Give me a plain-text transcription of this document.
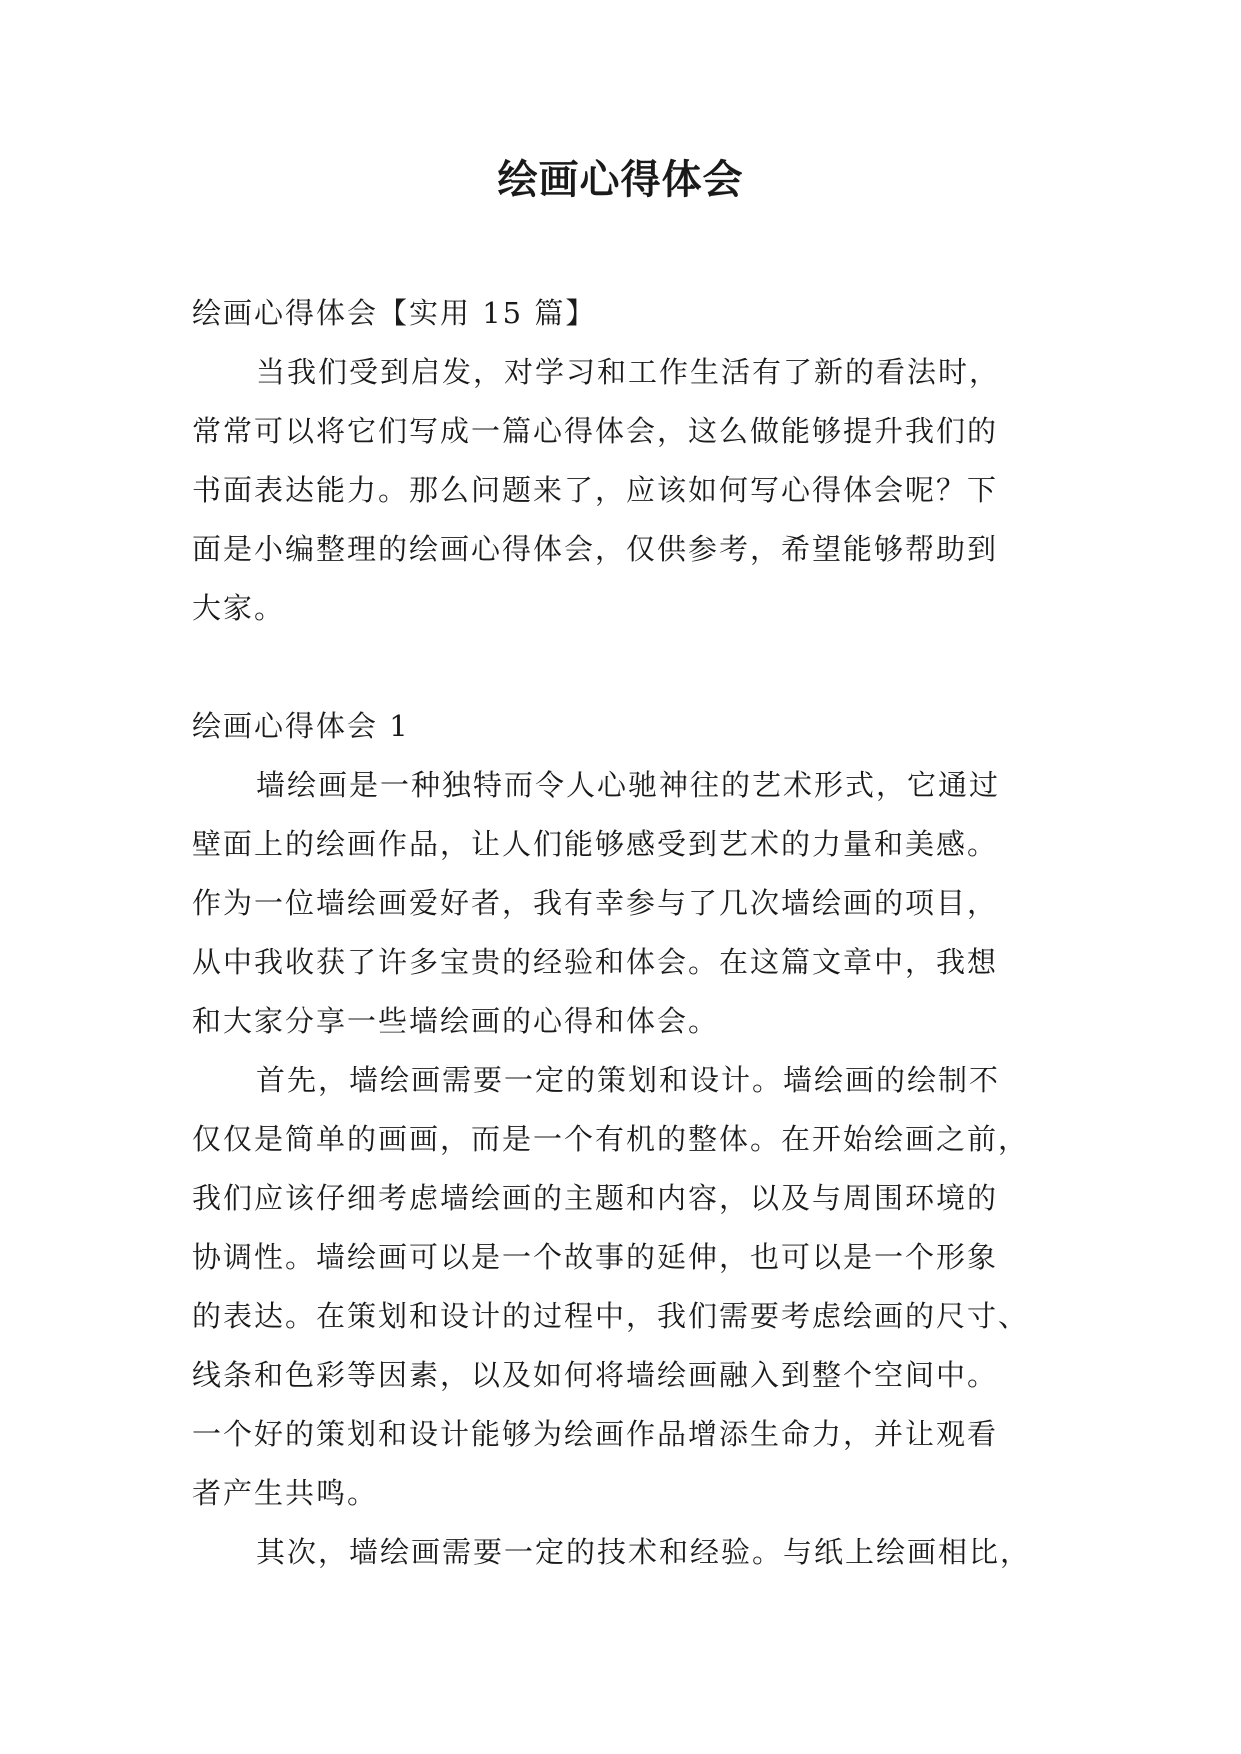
绘画心得体会

绘画心得体会【实用 15 篇】

当我们受到启发，对学习和工作生活有了新的看法时，

常常可以将它们写成一篇心得体会，这么做能够提升我们的

书面表达能力。那么问题来了，应该如何写心得体会呢？下

面是小编整理的绘画心得体会，仅供参考，希望能够帮助到

大家。

绘画心得体会 1

墙绘画是一种独特而令人心驰神往的艺术形式，它通过

壁面上的绘画作品，让人们能够感受到艺术的力量和美感。

作为一位墙绘画爱好者，我有幸参与了几次墙绘画的项目，

从中我收获了许多宝贵的经验和体会。在这篇文章中，我想

和大家分享一些墙绘画的心得和体会。

首先，墙绘画需要一定的策划和设计。墙绘画的绘制不

仅仅是简单的画画，而是一个有机的整体。在开始绘画之前，

我们应该仔细考虑墙绘画的主题和内容，以及与周围环境的

协调性。墙绘画可以是一个故事的延伸，也可以是一个形象

的表达。在策划和设计的过程中，我们需要考虑绘画的尺寸、

线条和色彩等因素，以及如何将墙绘画融入到整个空间中。

一个好的策划和设计能够为绘画作品增添生命力，并让观看

者产生共鸣。

其次，墙绘画需要一定的技术和经验。与纸上绘画相比，
